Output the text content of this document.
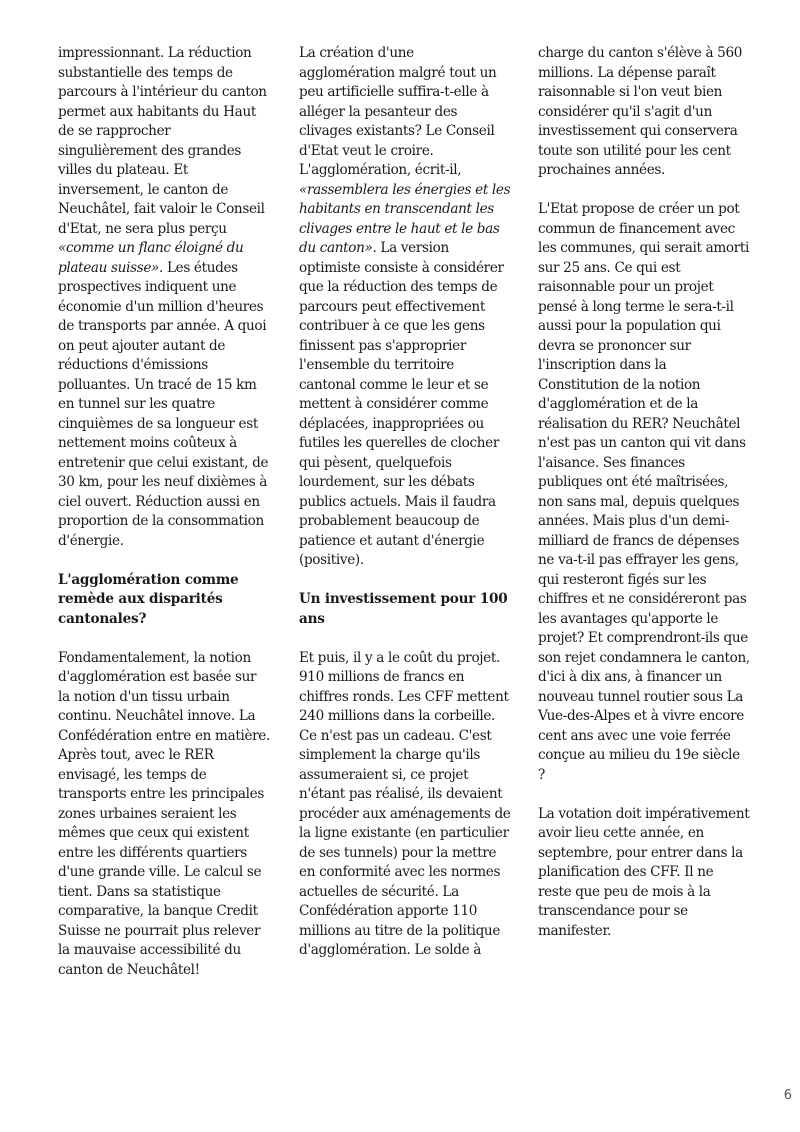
impressionnant. La réduction substantielle des temps de parcours à l'intérieur du canton permet aux habitants du Haut de se rapprocher singulièrement des grandes villes du plateau. Et inversement, le canton de Neuchâtel, fait valoir le Conseil d'Etat, ne sera plus perçu «comme un flanc éloigné du plateau suisse». Les études prospectives indiquent une économie d'un million d'heures de transports par année. A quoi on peut ajouter autant de réductions d'émissions polluantes. Un tracé de 15 km en tunnel sur les quatre cinquièmes de sa longueur est nettement moins coûteux à entretenir que celui existant, de 30 km, pour les neuf dixièmes à ciel ouvert. Réduction aussi en proportion de la consommation d'énergie.

L'agglomération comme remède aux disparités cantonales?

Fondamentalement, la notion d'agglomération est basée sur la notion d'un tissu urbain continu. Neuchâtel innove. La Confédération entre en matière. Après tout, avec le RER envisagé, les temps de transports entre les principales zones urbaines seraient les mêmes que ceux qui existent entre les différents quartiers d'une grande ville. Le calcul se tient. Dans sa statistique comparative, la banque Credit Suisse ne pourrait plus relever la mauvaise accessibilité du canton de Neuchâtel!

La création d'une agglomération malgré tout un peu artificielle suffira-t-elle à alléger la pesanteur des clivages existants? Le Conseil d'Etat veut le croire. L'agglomération, écrit-il, «rassemblera les énergies et les habitants en transcendant les clivages entre le haut et le bas du canton». La version optimiste consiste à considérer que la réduction des temps de parcours peut effectivement contribuer à ce que les gens finissent pas s'approprier l'ensemble du territoire cantonal comme le leur et se mettent à considérer comme déplacées, inappropriées ou futiles les querelles de clocher qui pèsent, quelquefois lourdement, sur les débats publics actuels. Mais il faudra probablement beaucoup de patience et autant d'énergie (positive).

Un investissement pour 100 ans

Et puis, il y a le coût du projet. 910 millions de francs en chiffres ronds. Les CFF mettent 240 millions dans la corbeille. Ce n'est pas un cadeau. C'est simplement la charge qu'ils assumeraient si, ce projet n'étant pas réalisé, ils devaient procéder aux aménagements de la ligne existante (en particulier de ses tunnels) pour la mettre en conformité avec les normes actuelles de sécurité. La Confédération apporte 110 millions au titre de la politique d'agglomération. Le solde à

charge du canton s'élève à 560 millions. La dépense paraît raisonnable si l'on veut bien considérer qu'il s'agit d'un investissement qui conservera toute son utilité pour les cent prochaines années.

L'Etat propose de créer un pot commun de financement avec les communes, qui serait amorti sur 25 ans. Ce qui est raisonnable pour un projet pensé à long terme le sera-t-il aussi pour la population qui devra se prononcer sur l'inscription dans la Constitution de la notion d'agglomération et de la réalisation du RER? Neuchâtel n'est pas un canton qui vit dans l'aisance. Ses finances publiques ont été maîtrisées, non sans mal, depuis quelques années. Mais plus d'un demi-milliard de francs de dépenses ne va-t-il pas effrayer les gens, qui resteront figés sur les chiffres et ne considéreront pas les avantages qu'apporte le projet? Et comprendront-ils que son rejet condamnera le canton, d'ici à dix ans, à financer un nouveau tunnel routier sous La Vue-des-Alpes et à vivre encore cent ans avec une voie ferrée conçue au milieu du 19e siècle ?

La votation doit impérativement avoir lieu cette année, en septembre, pour entrer dans la planification des CFF. Il ne reste que peu de mois à la transcendance pour se manifester.

6
